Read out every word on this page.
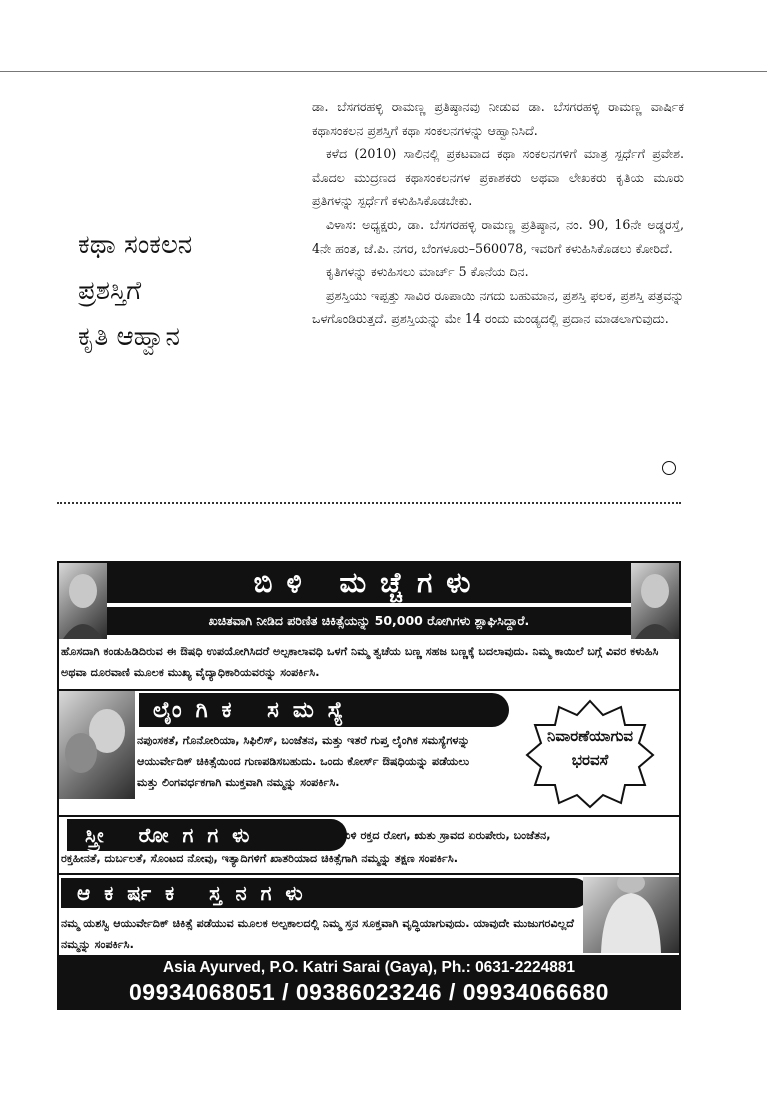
ಕಥಾ ಸಂಕಲನ
ಪ್ರಶಸ್ತಿಗೆ
ಕೃತಿ ಆಹ್ವಾನ

ಡಾ. ಬೆಸಗರಹಳ್ಳಿ ರಾಮಣ್ಣ ಪ್ರತಿಷ್ಠಾನವು ನೀಡುವ ಡಾ. ಬೆಸಗರಹಳ್ಳಿ ರಾಮಣ್ಣ ವಾರ್ಷಿಕ ಕಥಾಸಂಕಲನ ಪ್ರಶಸ್ತಿಗೆ ಕಥಾ ಸಂಕಲನಗಳನ್ನು ಆಹ್ವಾನಿಸಿದೆ.

ಕಳೆದ (2010) ಸಾಲಿನಲ್ಲಿ ಪ್ರಕಟವಾದ ಕಥಾ ಸಂಕಲನಗಳಿಗೆ ಮಾತ್ರ ಸ್ಪರ್ಧೆಗೆ ಪ್ರವೇಶ. ಮೊದಲ ಮುದ್ರಣದ ಕಥಾಸಂಕಲನಗಳ ಪ್ರಕಾಶಕರು ಅಥವಾ ಲೇಖಕರು ಕೃತಿಯ ಮೂರು ಪ್ರತಿಗಳನ್ನು ಸ್ಪರ್ಧೆಗೆ ಕಳುಹಿಸಿಕೊಡಬೇಕು.

ವಿಳಾಸ: ಅಧ್ಯಕ್ಷರು, ಡಾ. ಬೆಸಗರಹಳ್ಳಿ ರಾಮಣ್ಣ ಪ್ರತಿಷ್ಠಾನ, ನಂ. 90, 16ನೇ ಅಡ್ಡರಸ್ತೆ, 4ನೇ ಹಂತ, ಜೆ.ಪಿ. ನಗರ, ಬೆಂಗಳೂರು–560078, ಇವರಿಗೆ ಕಳುಹಿಸಿಕೊಡಲು ಕೋರಿದೆ.

ಕೃತಿಗಳನ್ನು ಕಳುಹಿಸಲು ಮಾರ್ಚ್ 5 ಕೊನೆಯ ದಿನ.

ಪ್ರಶಸ್ತಿಯು ಇಪ್ಪತ್ತು ಸಾವಿರ ರೂಪಾಯಿ ನಗದು ಬಹುಮಾನ, ಪ್ರಶಸ್ತಿ ಫಲಕ, ಪ್ರಶಸ್ತಿ ಪತ್ರವನ್ನು ಒಳಗೊಂಡಿರುತ್ತದೆ. ಪ್ರಶಸ್ತಿಯನ್ನು ಮೇ 14 ರಂದು ಮಂಡ್ಯದಲ್ಲಿ ಪ್ರದಾನ ಮಾಡಲಾಗುವುದು.

ಬಿಳಿ ಮಚ್ಚೆಗಳು
ಖಚಿತವಾಗಿ ನೀಡಿದ ಪರಿಣಿತ ಚಿಕಿತ್ಸೆಯನ್ನು 50,000 ರೋಗಿಗಳು ಶ್ಲಾಘಿಸಿದ್ದಾರೆ.
ಹೊಸದಾಗಿ ಕಂಡುಹಿಡಿದಿರುವ ಈ ಔಷಧಿ ಉಪಯೋಗಿಸಿದರೆ ಅಲ್ಪಕಾಲಾವಧಿ ಒಳಗೆ ನಿಮ್ಮ ತ್ವಚೆಯ ಬಣ್ಣ ಸಹಜ ಬಣ್ಣಕ್ಕೆ ಬದಲಾವುದು. ನಿಮ್ಮ ಕಾಯಿಲೆ ಬಗ್ಗೆ ವಿವರ ಕಳುಹಿಸಿ ಅಥವಾ ದೂರವಾಣಿ ಮೂಲಕ ಮುಖ್ಯ ವೈದ್ಯಾಧಿಕಾರಿಯವರನ್ನು ಸಂಪರ್ಕಿಸಿ.
ಲೈಂಗಿಕ ಸಮಸ್ಯೆ
ನಪುಂಸಕತೆ, ಗೊನೋರಿಯಾ, ಸಿಫಿಲಿಸ್, ಬಂಜೆತನ, ಮತ್ತು ಇತರೆ ಗುಪ್ತ ಲೈಂಗಿಕ ಸಮಸ್ಯೆಗಳನ್ನು ಆಯುರ್ವೇದಿಕ್ ಚಿಕಿತ್ಸೆಯಿಂದ ಗುಣಪಡಿಸಬಹುದು. ಒಂದು ಕೋರ್ಸ್ ಔಷಧಿಯನ್ನು ಪಡೆಯಲು ಮತ್ತು ಲಿಂಗವರ್ಧಕಗಾಗಿ ಮುಕ್ತವಾಗಿ ನಮ್ಮನ್ನು ಸಂಪರ್ಕಿಸಿ.
ನಿವಾರಣೆಯಾಗುವ
ಭರವಸೆ
ಸ್ತ್ರೀ ರೋಗಗಳು	ಬಿಳಿ ರಕ್ತದ ರೋಗ, ಋತು ಸ್ರಾವದ ಏರುಪೇರು, ಬಂಜೆತನ,
ರಕ್ತಹೀನತೆ, ದುರ್ಬಲತೆ, ಸೊಂಟದ ನೋವು, ಇತ್ಯಾದಿಗಳಿಗೆ ಖಾತರಿಯಾದ ಚಿಕಿತ್ಸೆಗಾಗಿ ನಮ್ಮನ್ನು ತಕ್ಷಣ ಸಂಪರ್ಕಿಸಿ.
ಆಕರ್ಷಕ ಸ್ತನಗಳು
ನಮ್ಮ ಯಶಸ್ವಿ ಆಯುರ್ವೇದಿಕ್ ಚಿಕಿತ್ಸೆ ಪಡೆಯುವ ಮೂಲಕ ಅಲ್ಪಕಾಲದಲ್ಲಿ ನಿಮ್ಮ ಸ್ತನ ಸೂಕ್ತವಾಗಿ ವೃದ್ಧಿಯಾಗುವುದು. ಯಾವುದೇ ಮುಜುಗರವಿಲ್ಲದೆ ನಮ್ಮನ್ನು ಸಂಪರ್ಕಿಸಿ.
Asia Ayurved, P.O. Katri Sarai (Gaya), Ph.: 0631-2224881
09934068051 / 09386023246 / 09934066680
